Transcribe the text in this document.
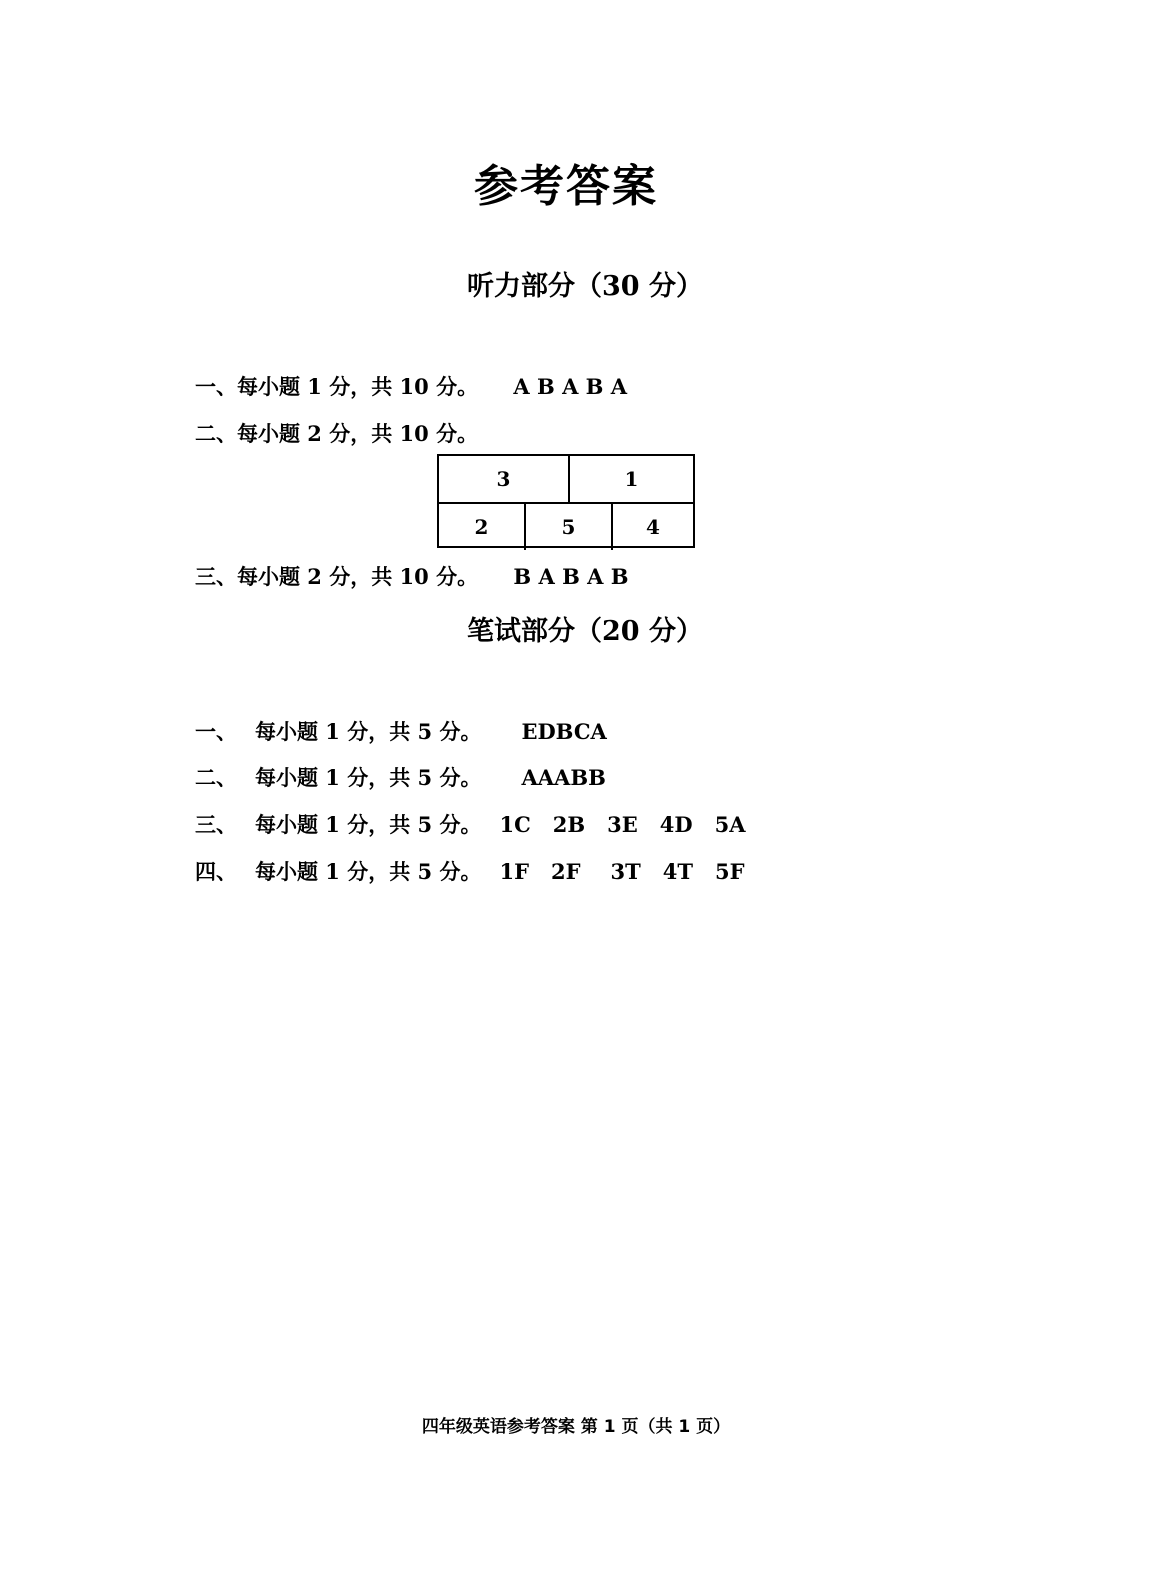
参考答案
听力部分（30 分）
一、每小题 1 分，共 10 分。 A B A B A
二、每小题 2 分，共 10 分。
3	1
2	5	4
三、每小题 2 分，共 10 分。 B A B A B
笔试部分（20 分）
一、 每小题 1 分，共 5 分。 EDBCA
二、 每小题 1 分，共 5 分。 AAABB
三、 每小题 1 分，共 5 分。 1C 2B 3E 4D 5A
四、 每小题 1 分，共 5 分。 1F 2F 3T 4T 5F
四年级英语参考答案 第 1 页（共 1 页）
